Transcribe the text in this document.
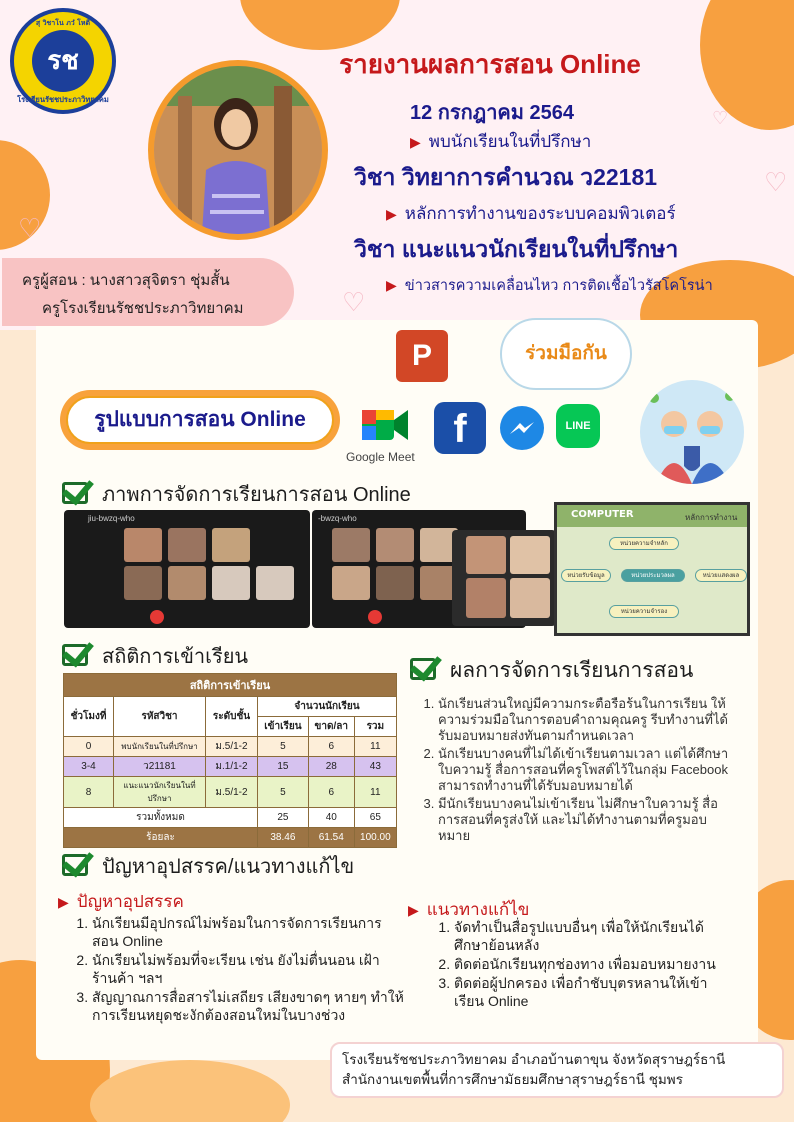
♡
♡
♡
♡
สุ วิชาโน ภวํ โหติ
รช
โรงเรียนรัชชประภาวิทยาคม
รายงานผลการสอน Online
12 กรกฎาคม 2564
▶ พบนักเรียนในที่ปรึกษา
วิชา วิทยาการคำนวณ ว22181
▶ หลักการทำงานของระบบคอมพิวเตอร์
วิชา แนะแนวนักเรียนในที่ปรึกษา
▶ ข่าวสารความเคลื่อนไหว การติดเชื้อไวรัสโคโรน่า
ครูผู้สอน : นางสาวสุจิตรา ชุ่มสั้น
ครูโรงเรียนรัชชประภาวิทยาคม
P	ร่วมมือกัน
รูปแบบการสอน Online
Google Meet
f	LINE
ภาพการจัดการเรียนการสอน Online
jiu-bwzq-who	-bwzq-who	COMPUTER	หลักการทำงาน
หน่วยความจำหลัก
หน่วยรับข้อมูล	หน่วยประมวลผล	หน่วยแสดงผล
หน่วยความจำรอง
สถิติการเข้าเรียน
สถิติการเข้าเรียน					
ชั่วโมงที่	รหัสวิชา	ระดับชั้น	จำนวนนักเรียน		
			เข้าเรียน	ขาด/ลา	รวม
0	พบนักเรียนในที่ปรึกษา	ม.5/1-2	5	6	11
3-4	ว21181	ม.1/1-2	15	28	43
8	แนะแนวนักเรียนในที่ปรึกษา	ม.5/1-2	5	6	11
รวมทั้งหมด			25	40	65
ร้อยละ			38.46	61.54	100.00
ผลการจัดการเรียนการสอน
1. นักเรียนส่วนใหญ่มีความกระตือรือร้นในการเรียน ให้ความร่วมมือในการตอบคำถามคุณครู รีบทำงานที่ได้รับมอบหมายส่งทันตามกำหนดเวลา
2. นักเรียนบางคนที่ไม่ได้เข้าเรียนตามเวลา แต่ได้ศึกษาใบความรู้ สื่อการสอนที่ครูโพสต์ไว้ในกลุ่ม Facebook สามารถทำงานที่ได้รับมอบหมายได้
3. มีนักเรียนบางคนไม่เข้าเรียน ไม่ศึกษาใบความรู้ สื่อการสอนที่ครูส่งให้ และไม่ได้ทำงานตามที่ครูมอบหมาย
ปัญหาอุปสรรค/แนวทางแก้ไข
▶ ปัญหาอุปสรรค
1. นักเรียนมีอุปกรณ์ไม่พร้อมในการจัดการเรียนการสอน Online
2. นักเรียนไม่พร้อมที่จะเรียน เช่น ยังไม่ตื่นนอน เฝ้าร้านค้า ฯลฯ
3. สัญญาณการสื่อสารไม่เสถียร เสียงขาดๆ หายๆ ทำให้การเรียนหยุดชะงักต้องสอนใหม่ในบางช่วง
▶ แนวทางแก้ไข
1. จัดทำเป็นสื่อรูปแบบอื่นๆ เพื่อให้นักเรียนได้ศึกษาย้อนหลัง
2. ติดต่อนักเรียนทุกช่องทาง เพื่อมอบหมายงาน
3. ติดต่อผู้ปกครอง เพื่อกำชับบุตรหลานให้เข้าเรียน Online
โรงเรียนรัชชประภาวิทยาคม อำเภอบ้านตาขุน จังหวัดสุราษฎร์ธานี
สำนักงานเขตพื้นที่การศึกษามัธยมศึกษาสุราษฎร์ธานี ชุมพร
